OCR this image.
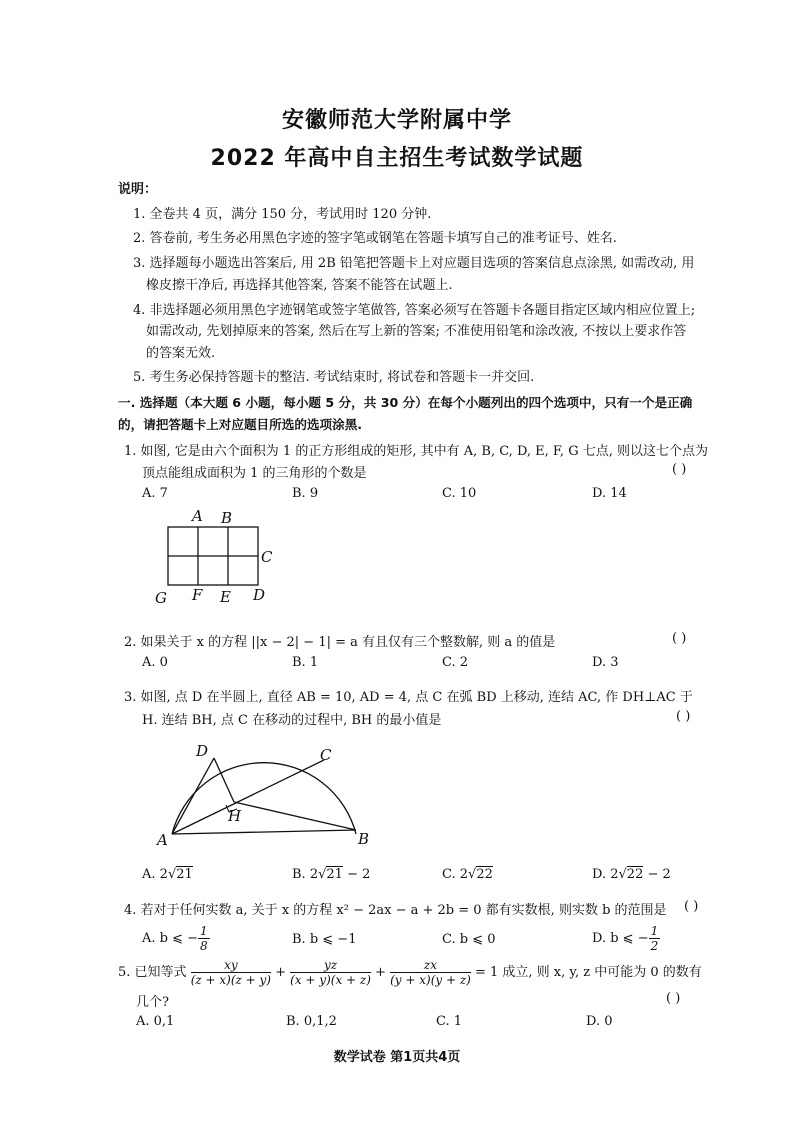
安徽师范大学附属中学
2022 年高中自主招生考试数学试题
说明：
1. 全卷共 4 页，满分 150 分，考试用时 120 分钟.
2. 答卷前, 考生务必用黑色字迹的签字笔或钢笔在答题卡填写自己的准考证号、姓名.
3. 选择题每小题选出答案后, 用 2B 铅笔把答题卡上对应题目选项的答案信息点涂黑, 如需改动, 用
橡皮擦干净后, 再选择其他答案, 答案不能答在试题上.
4. 非选择题必须用黑色字迹钢笔或签字笔做答, 答案必须写在答题卡各题目指定区域内相应位置上;
如需改动, 先划掉原来的答案, 然后在写上新的答案; 不准使用铅笔和涂改液, 不按以上要求作答
的答案无效.
5. 考生务必保持答题卡的整洁. 考试结束时, 将试卷和答题卡一并交回.
一. 选择题（本大题 6 小题，每小题 5 分，共 30 分）在每个小题列出的四个选项中，只有一个是正确
的，请把答题卡上对应题目所选的选项涂黑.
1. 如图, 它是由六个面积为 1 的正方形组成的矩形, 其中有 A, B, C, D, E, F, G 七点, 则以这七个点为
顶点能组成面积为 1 的三角形的个数是	( )
A. 7	B. 9	C. 10	D. 14
A B
C
D
E
F
G
2. 如果关于 x 的方程 ||x − 2| − 1| = a 有且仅有三个整数解, 则 a 的值是	( )
A. 0	B. 1	C. 2	D. 3
3. 如图, 点 D 在半圆上, 直径 AB = 10, AD = 4, 点 C 在弧 BD 上移动, 连结 AC, 作 DH⊥AC 于
H. 连结 BH, 点 C 在移动的过程中, BH 的最小值是	( )
D	C
H
A	B
A. 2√21	B. 2√21 − 2	C. 2√22	D. 2√22 − 2
4. 若对于任何实数 a, 关于 x 的方程 x² − 2ax − a + 2b = 0 都有实数根, 则实数 b 的范围是 ( )
A. b ⩽ − $\frac{1}{8}$	B. b ⩽ −1	C. b ⩽ 0	D. b ⩽ − $\frac{1}{2}$
5. 已知等式 $\frac{xy}{(z + x)(z + y)} + \frac{yz}{(x + y)(x + z)} + \frac{zx}{(y + x)(y + z)} = 1$ 成立, 则 x, y, z 中可能为 0 的数有
几个?	( )
A. 0,1	B. 0,1,2	C. 1	D. 0
数学试卷 第1页共4页
